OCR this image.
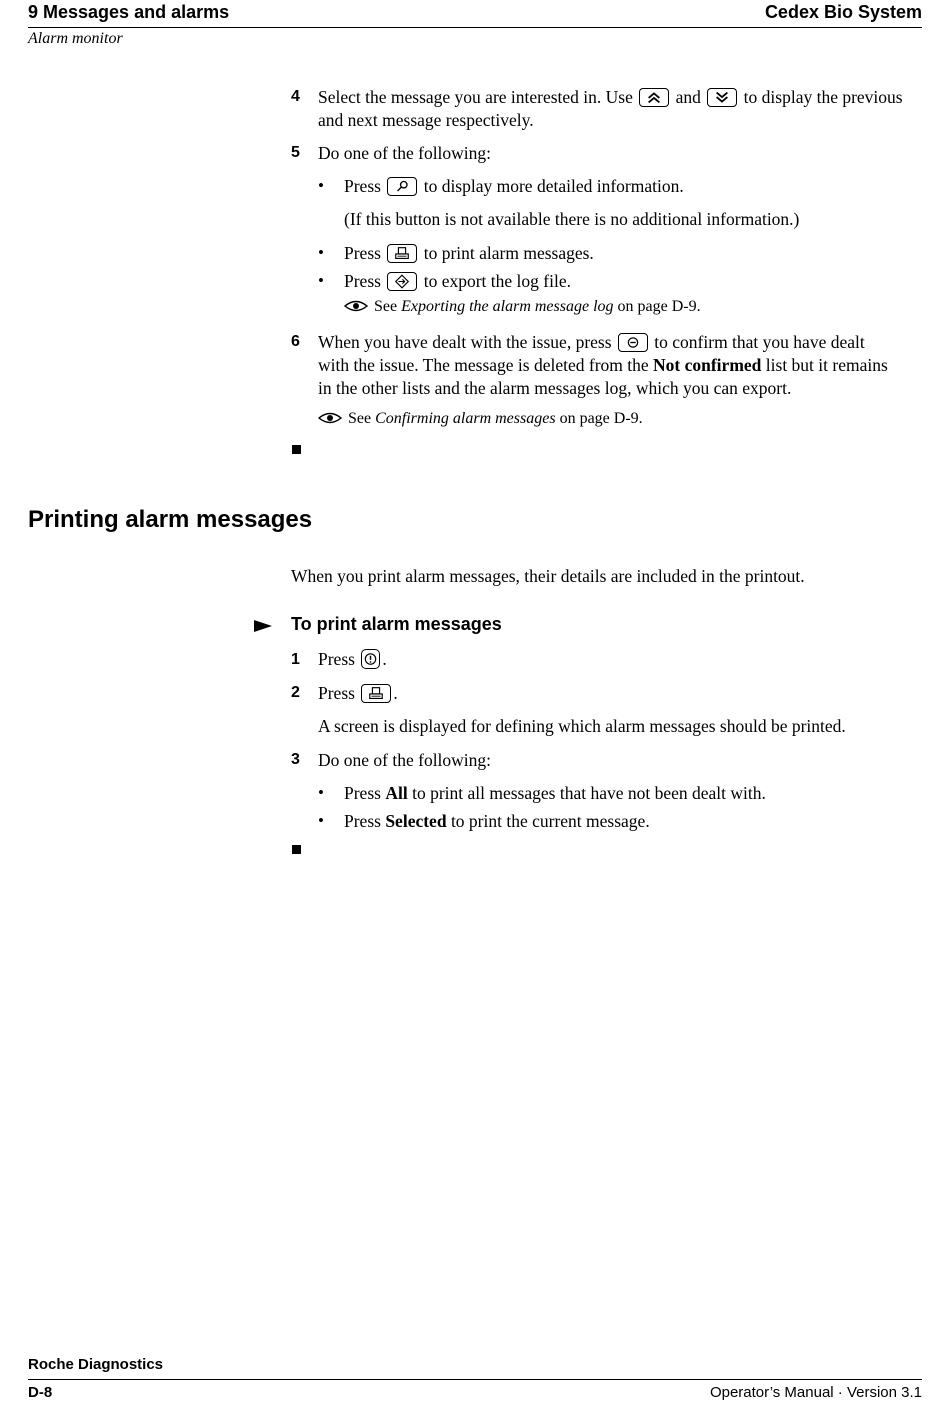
9 Messages and alarms	Cedex Bio System
Alarm monitor
4 Select the message you are interested in. Use and to display the previous
and next message respectively.
5 Do one of the following:
• Press to display more detailed information.
(If this button is not available there is no additional information.)
• Press to print alarm messages.
• Press to export the log file.
See Exporting the alarm message log on page D-9.
6 When you have dealt with the issue, press to confirm that you have dealt
with the issue. The message is deleted from the Not confirmed list but it remains
in the other lists and the alarm messages log, which you can export.
See Confirming alarm messages on page D-9.
Printing alarm messages
When you print alarm messages, their details are included in the printout.
To print alarm messages
1 Press .
2 Press .
A screen is displayed for defining which alarm messages should be printed.
3 Do one of the following:
• Press All to print all messages that have not been dealt with.
• Press Selected to print the current message.
Roche Diagnostics
D-8	Operator’s Manual · Version 3.1
